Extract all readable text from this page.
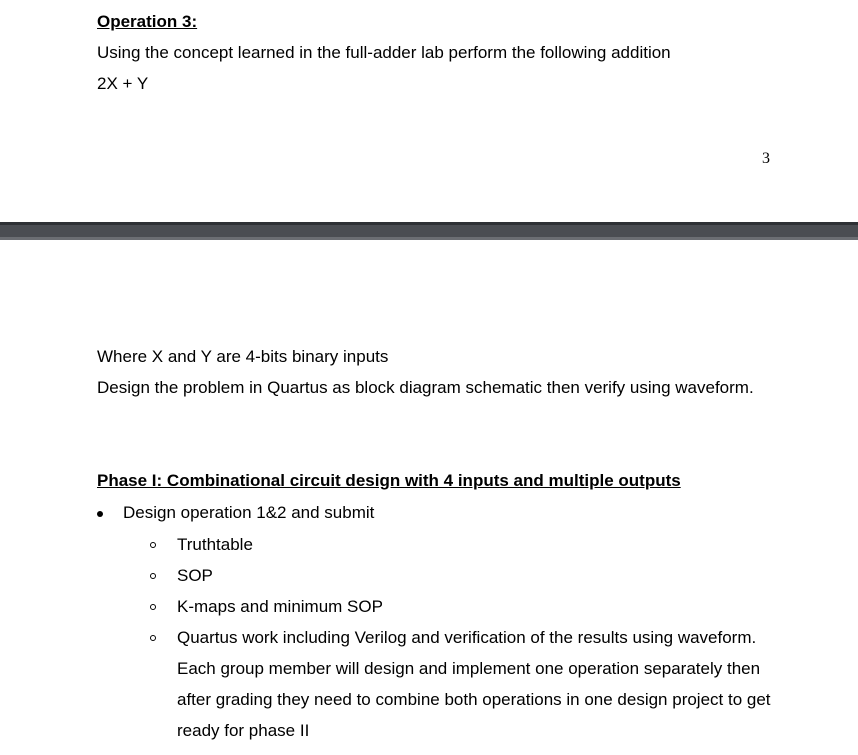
Operation 3:
Using the concept learned in the full-adder lab perform the following addition
2X + Y
3
Where X and Y are 4-bits binary inputs
Design the problem in Quartus as block diagram schematic then verify using waveform.
Phase I: Combinational circuit design with 4 inputs and multiple outputs
Design operation 1&2 and submit
Truthtable
SOP
K-maps and minimum SOP
Quartus work including Verilog and verification of the results using waveform.
Each group member will design and implement one operation separately then
after grading they need to combine both operations in one design project to get
ready for phase II
